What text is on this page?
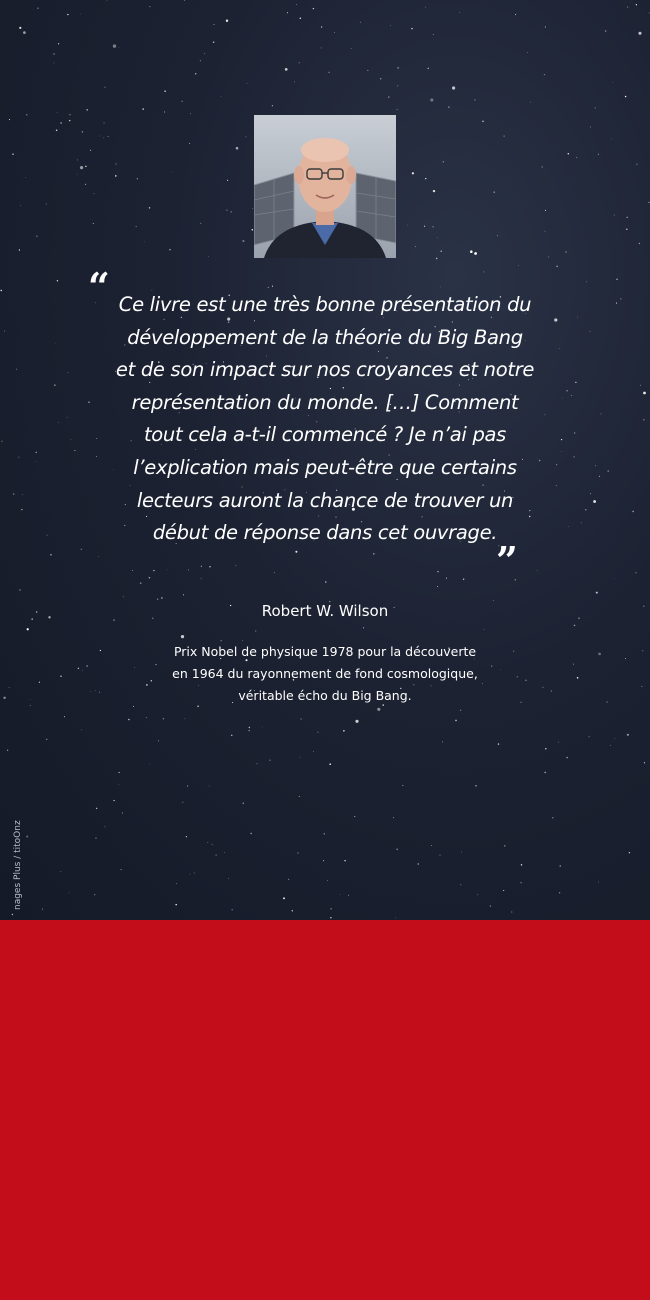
“ Ce livre est une très bonne présentation du
développement de la théorie du Big Bang
et de son impact sur nos croyances et notre
représentation du monde. […] Comment
tout cela a-t-il commencé ? Je n’ai pas
l’explication mais peut-être que certains
lecteurs auront la chance de trouver un
début de réponse dans cet ouvrage.

”

Robert W. Wilson

Prix Nobel de physique 1978 pour la découverte
en 1964 du rayonnement de fond cosmologique,
véritable écho du Big Bang.

nages Plus / titoOnz
